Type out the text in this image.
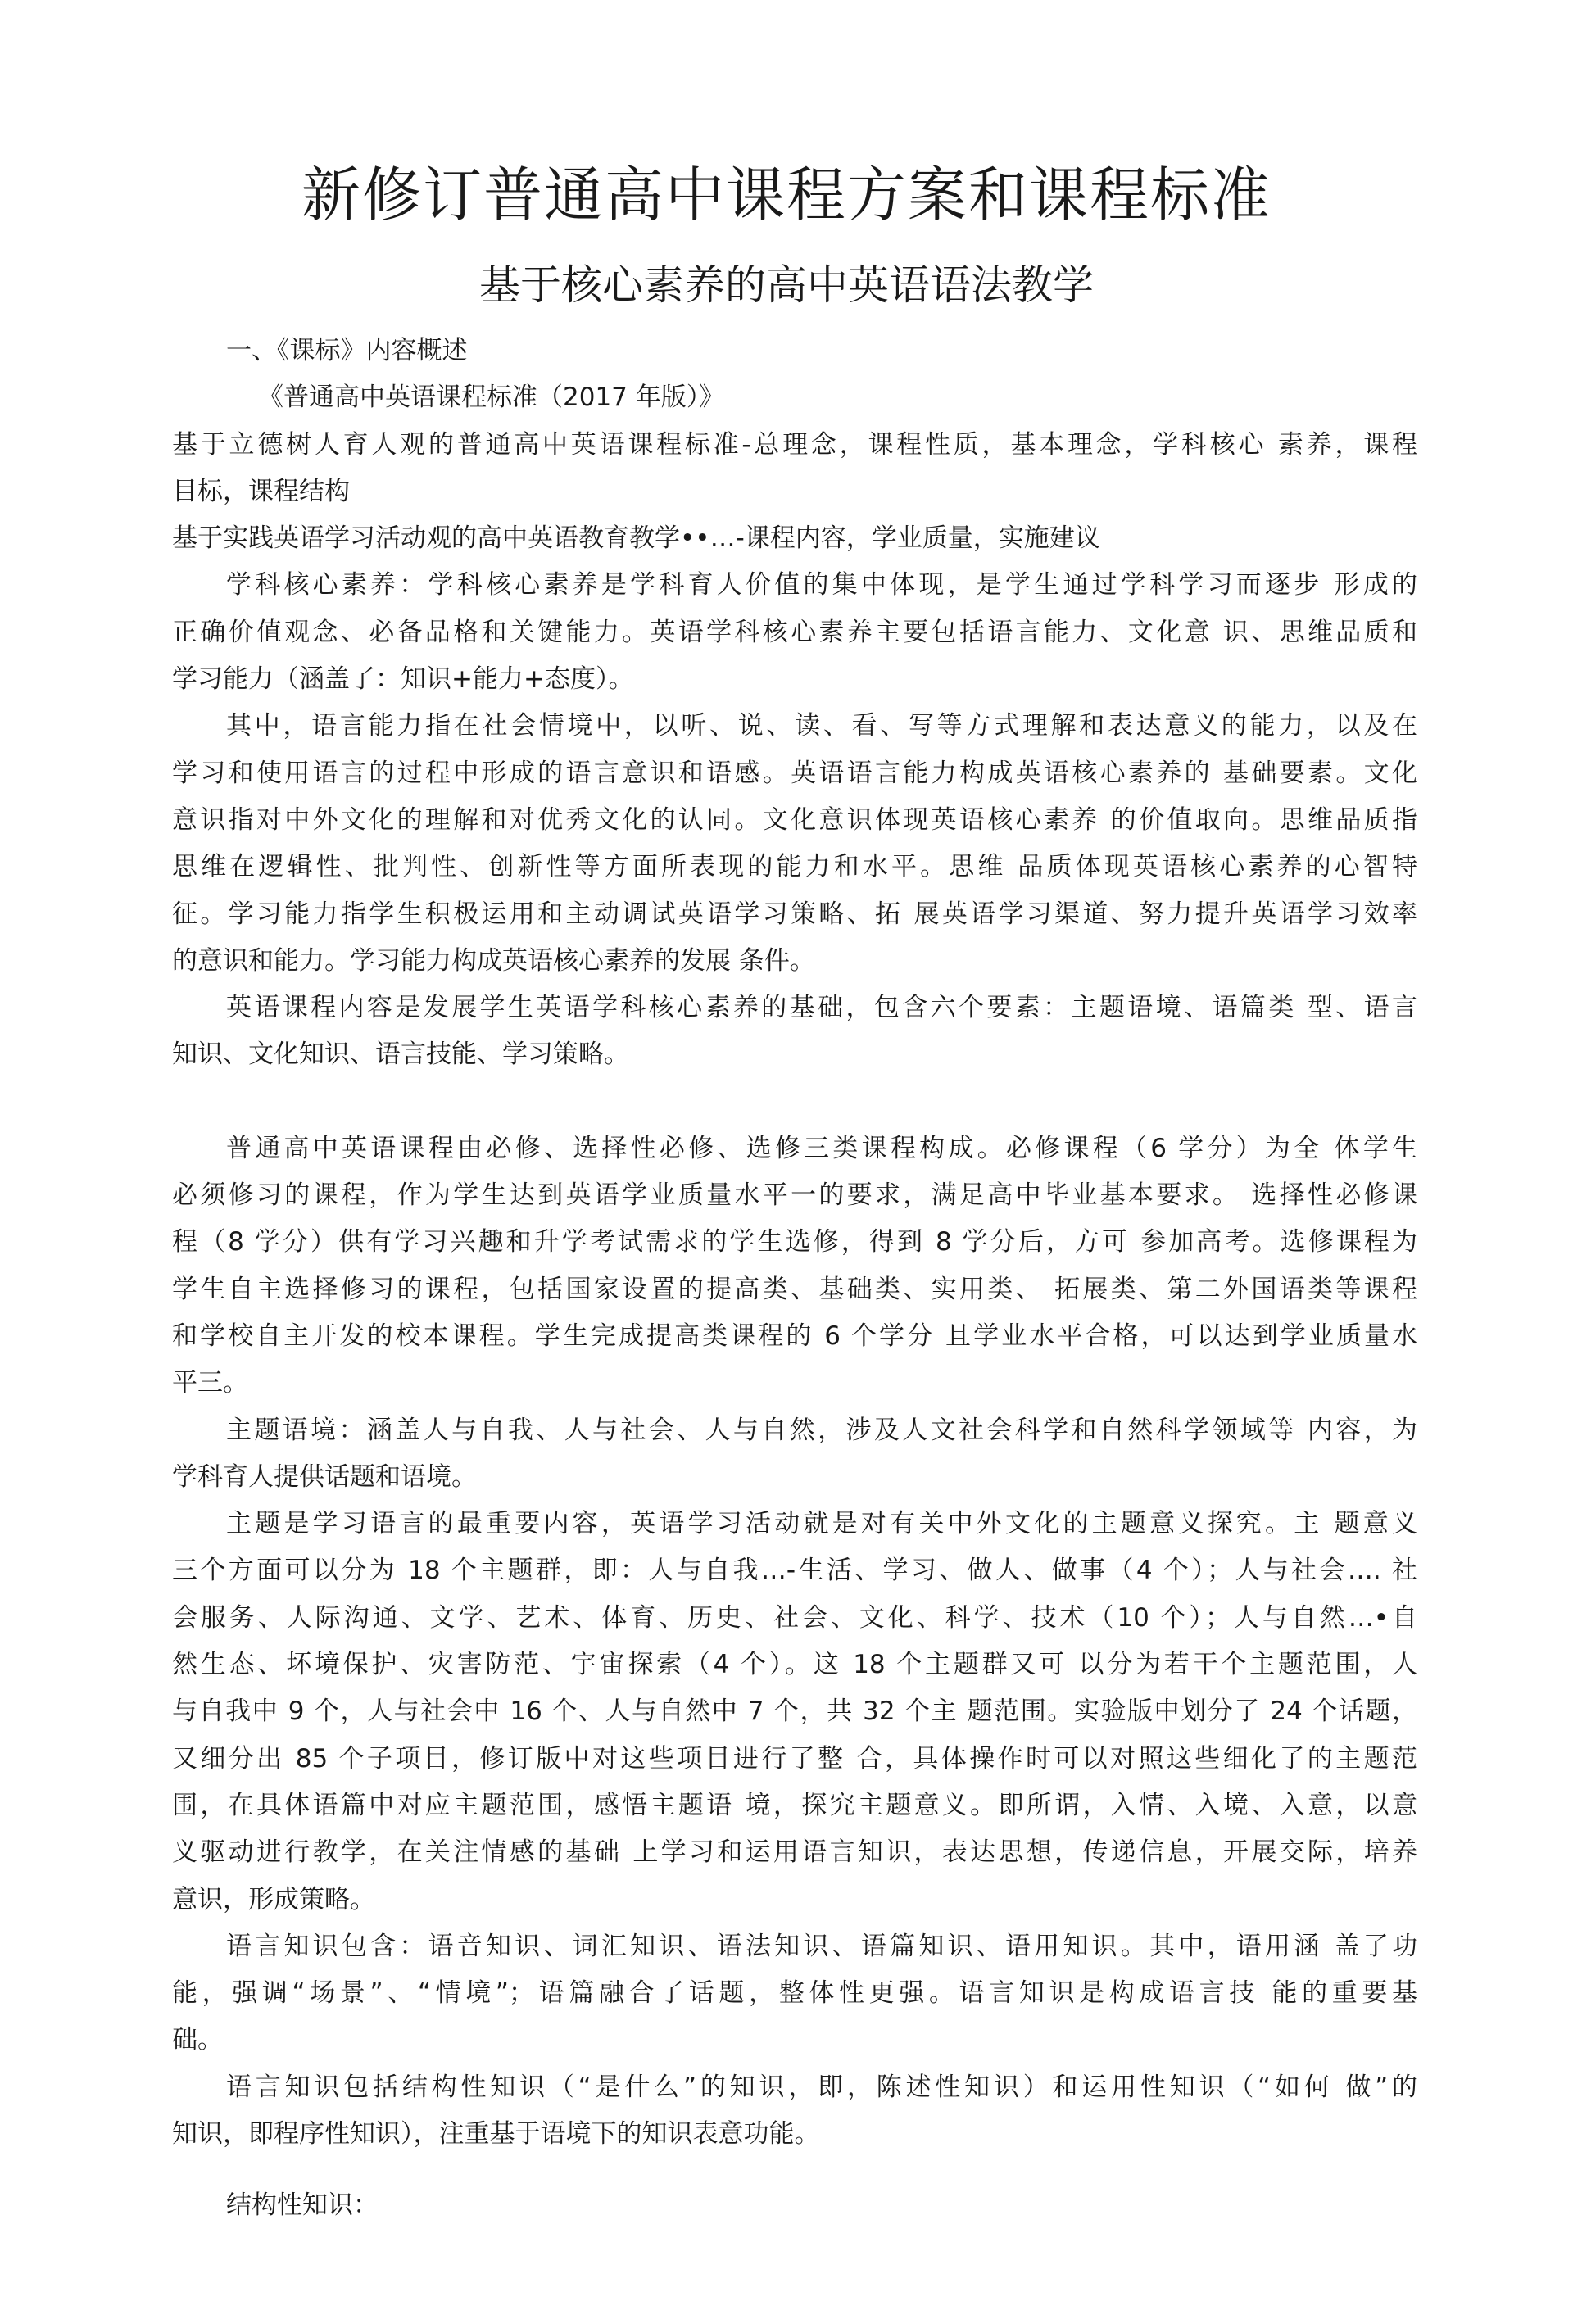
新修订普通高中课程方案和课程标准
基于核心素养的高中英语语法教学
一、《课标》内容概述
《普通高中英语课程标准（2017 年版）》
基于立德树人育人观的普通高中英语课程标准-总理念，课程性质，基本理念，学科核心 素养，课程
目标，课程结构
基于实践英语学习活动观的高中英语教育教学••…-课程内容，学业质量，实施建议
学科核心素养：学科核心素养是学科育人价值的集中体现，是学生通过学科学习而逐步 形成的
正确价值观念、必备品格和关键能力。英语学科核心素养主要包括语言能力、文化意 识、思维品质和
学习能力（涵盖了：知识+能力+态度）。
其中，语言能力指在社会情境中，以听、说、读、看、写等方式理解和表达意义的能力，以及在
学习和使用语言的过程中形成的语言意识和语感。英语语言能力构成英语核心素养的 基础要素。文化
意识指对中外文化的理解和对优秀文化的认同。文化意识体现英语核心素养 的价值取向。思维品质指
思维在逻辑性、批判性、创新性等方面所表现的能力和水平。思维 品质体现英语核心素养的心智特
征。学习能力指学生积极运用和主动调试英语学习策略、拓 展英语学习渠道、努力提升英语学习效率
的意识和能力。学习能力构成英语核心素养的发展 条件。
英语课程内容是发展学生英语学科核心素养的基础，包含六个要素：主题语境、语篇类 型、语言
知识、文化知识、语言技能、学习策略。
普通高中英语课程由必修、选择性必修、选修三类课程构成。必修课程（6 学分）为全 体学生
必须修习的课程，作为学生达到英语学业质量水平一的要求，满足高中毕业基本要求。 选择性必修课
程（8 学分）供有学习兴趣和升学考试需求的学生选修，得到 8 学分后，方可 参加高考。选修课程为
学生自主选择修习的课程，包括国家设置的提高类、基础类、实用类、 拓展类、第二外国语类等课程
和学校自主开发的校本课程。学生完成提高类课程的 6 个学分 且学业水平合格，可以达到学业质量水
平三。
主题语境：涵盖人与自我、人与社会、人与自然，涉及人文社会科学和自然科学领域等 内容，为
学科育人提供话题和语境。
主题是学习语言的最重要内容，英语学习活动就是对有关中外文化的主题意义探究。主 题意义
三个方面可以分为 18 个主题群，即：人与自我…-生活、学习、做人、做事（4 个）；人与社会…. 社
会服务、人际沟通、文学、艺术、体育、历史、社会、文化、科学、技术（10 个）；人与自然…•自
然生态、坏境保护、灾害防范、宇宙探索（4 个）。这 18 个主题群又可 以分为若干个主题范围，人
与自我中 9 个，人与社会中 16 个、人与自然中 7 个，共 32 个主 题范围。实验版中划分了 24 个话题，
又细分出 85 个子项目，修订版中对这些项目进行了整 合，具体操作时可以对照这些细化了的主题范
围，在具体语篇中对应主题范围，感悟主题语 境，探究主题意义。即所谓，入情、入境、入意，以意
义驱动进行教学，在关注情感的基础 上学习和运用语言知识，表达思想，传递信息，开展交际，培养
意识，形成策略。
语言知识包含：语音知识、词汇知识、语法知识、语篇知识、语用知识。其中，语用涵 盖了功
能，强调“场景”、“情境”；语篇融合了话题，整体性更强。语言知识是构成语言技 能的重要基
础。
语言知识包括结构性知识（“是什么”的知识，即，陈述性知识）和运用性知识（“如何 做”的
知识，即程序性知识），注重基于语境下的知识表意功能。
结构性知识：
